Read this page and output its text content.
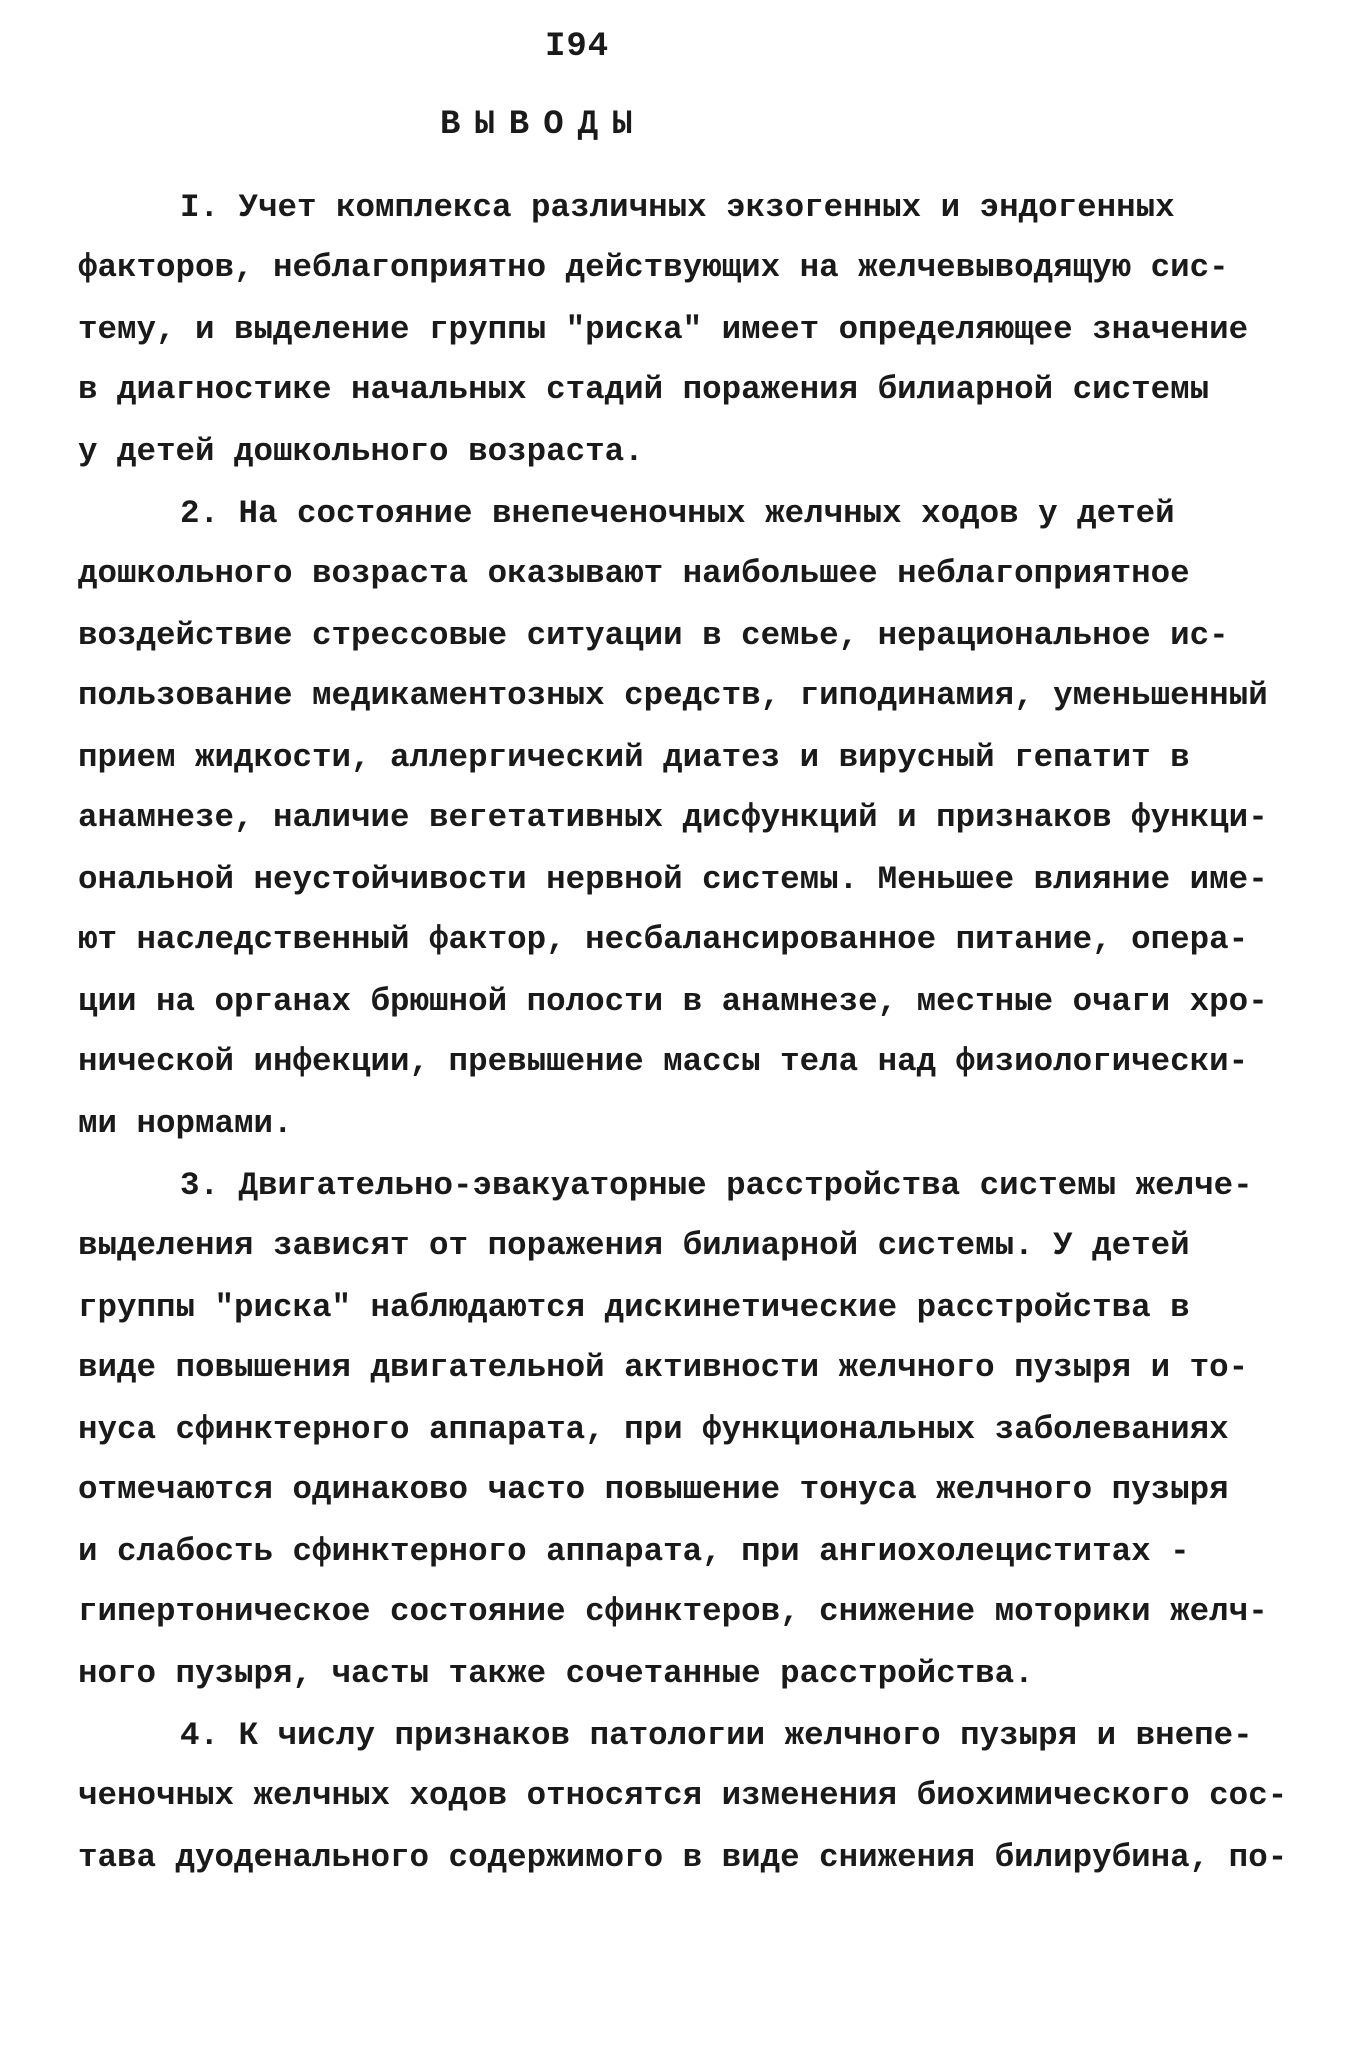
I94
ВЫВОДЫ
I. Учет комплекса различных экзогенных и эндогенных
факторов, неблагоприятно действующих на желчевыводящую сис-
тему, и выделение группы "риска" имеет определяющее значение
в диагностике начальных стадий поражения билиарной системы
у детей дошкольного возраста.
2. На состояние внепеченочных желчных ходов у детей
дошкольного возраста оказывают наибольшее неблагоприятное
воздействие стрессовые ситуации в семье, нерациональное ис-
пользование медикаментозных средств, гиподинамия, уменьшенный
прием жидкости, аллергический диатез и вирусный гепатит в
анамнезе, наличие вегетативных дисфункций и признаков функци-
ональной неустойчивости нервной системы. Меньшее влияние име-
ют наследственный фактор, несбалансированное питание, опера-
ции на органах брюшной полости в анамнезе, местные очаги хро-
нической инфекции, превышение массы тела над физиологически-
ми нормами.
3. Двигательно-эвакуаторные расстройства системы желче-
выделения зависят от поражения билиарной системы. У детей
группы "риска" наблюдаются дискинетические расстройства в
виде повышения двигательной активности желчного пузыря и то-
нуса сфинктерного аппарата, при функциональных заболеваниях
отмечаются одинаково часто повышение тонуса желчного пузыря
и слабость сфинктерного аппарата, при ангиохолециститах -
гипертоническое состояние сфинктеров, снижение моторики желч-
ного пузыря, часты также сочетанные расстройства.
4. К числу признаков патологии желчного пузыря и внепе-
ченочных желчных ходов относятся изменения биохимического сос-
тава дуоденального содержимого в виде снижения билирубина, по-
